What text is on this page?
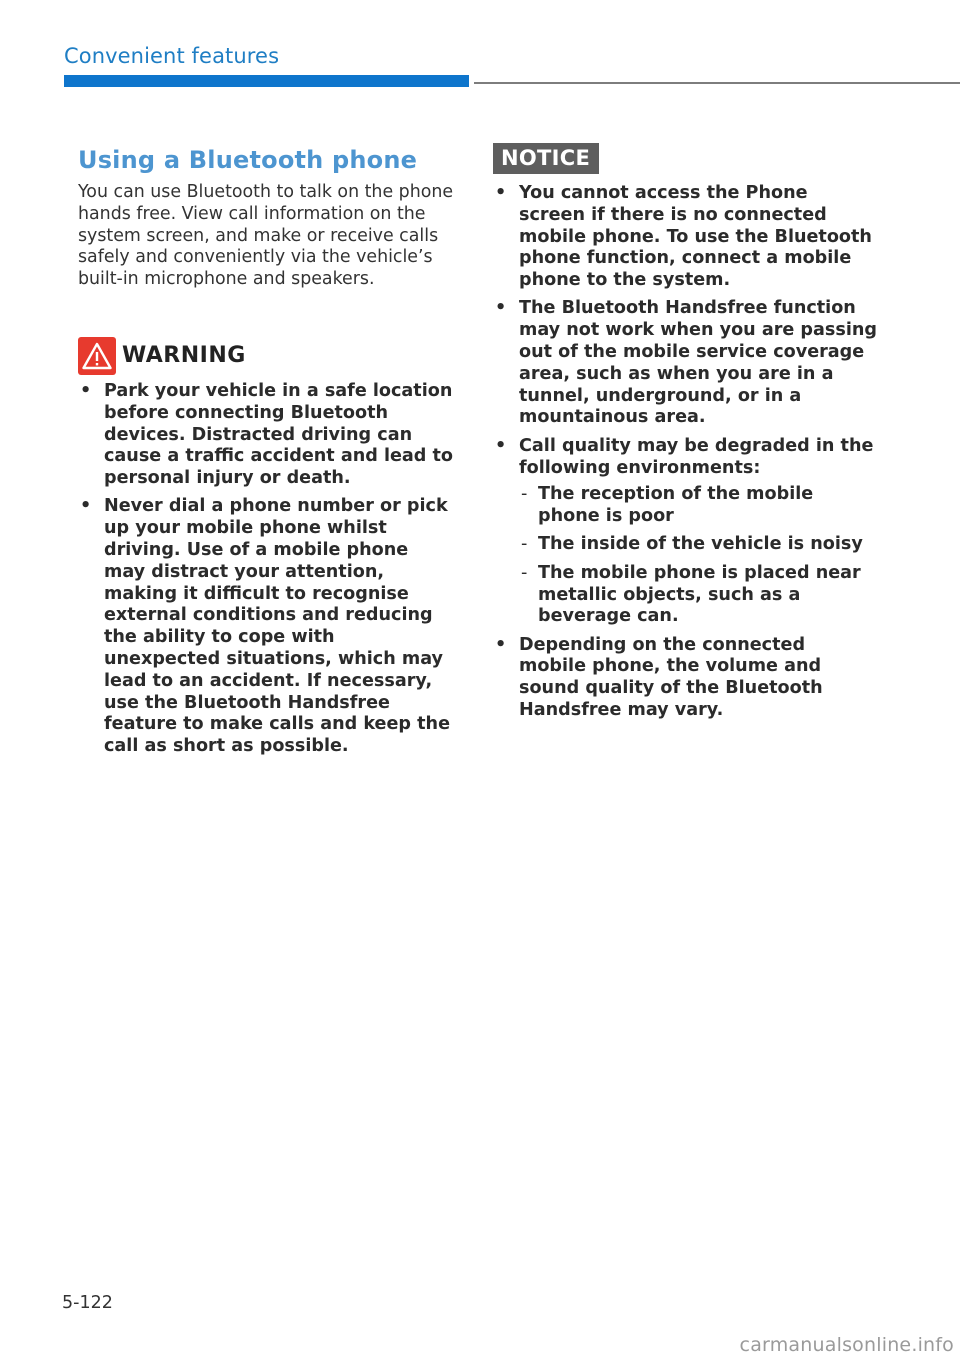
Convenient features
Using a Bluetooth phone

You can use Bluetooth to talk on the phone hands free. View call information on the system screen, and make or receive calls safely and conveniently via the vehicle’s built-in microphone and speakers.

WARNING
• Park your vehicle in a safe location before connecting Bluetooth devices. Distracted driving can cause a traffic accident and lead to personal injury or death.
• Never dial a phone number or pick up your mobile phone whilst driving. Use of a mobile phone may distract your attention, making it difficult to recognise external conditions and reducing the ability to cope with unexpected situations, which may lead to an accident. If necessary, use the Bluetooth Handsfree feature to make calls and keep the call as short as possible.
NOTICE
• You cannot access the Phone screen if there is no connected mobile phone. To use the Bluetooth phone function, connect a mobile phone to the system.
• The Bluetooth Handsfree function may not work when you are passing out of the mobile service coverage area, such as when you are in a tunnel, underground, or in a mountainous area.
• Call quality may be degraded in the following environments:
- The reception of the mobile phone is poor
- The inside of the vehicle is noisy
- The mobile phone is placed near metallic objects, such as a beverage can.
• Depending on the connected mobile phone, the volume and sound quality of the Bluetooth Handsfree may vary.
5-122
carmanualsonline.info
